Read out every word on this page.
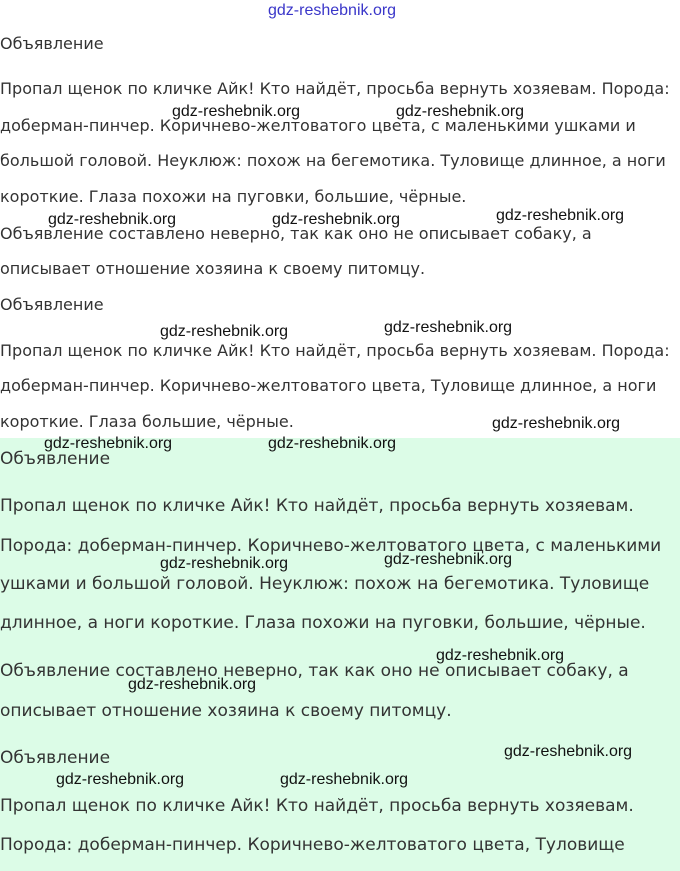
gdz-reshebnik.org
Объявление
Пропал щенок по кличке Айк! Кто найдёт, просьба вернуть хозяевам. Порода:
доберман-пинчер. Коричнево-желтоватого цвета, с маленькими ушками и
большой головой. Неуклюж: похож на бегемотика. Туловище длинное, а ноги
короткие. Глаза похожи на пуговки, большие, чёрные.
Объявление составлено неверно, так как оно не описывает собаку, а
описывает отношение хозяина к своему питомцу.
Объявление
Пропал щенок по кличке Айк! Кто найдёт, просьба вернуть хозяевам. Порода:
доберман-пинчер. Коричнево-желтоватого цвета, Туловище длинное, а ноги
короткие. Глаза большие, чёрные.
Объявление
Пропал щенок по кличке Айк! Кто найдёт, просьба вернуть хозяевам.
Порода: доберман-пинчер. Коричнево-желтоватого цвета, с маленькими
ушками и большой головой. Неуклюж: похож на бегемотика. Туловище
длинное, а ноги короткие. Глаза похожи на пуговки, большие, чёрные.
Объявление составлено неверно, так как оно не описывает собаку, а
описывает отношение хозяина к своему питомцу.
Объявление
Пропал щенок по кличке Айк! Кто найдёт, просьба вернуть хозяевам.
Порода: доберман-пинчер. Коричнево-желтоватого цвета, Туловище
gdz-reshebnik.org	gdz-reshebnik.org
gdz-reshebnik.org	gdz-reshebnik.org	gdz-reshebnik.org
gdz-reshebnik.org	gdz-reshebnik.org
gdz-reshebnik.org
gdz-reshebnik.org	gdz-reshebnik.org
gdz-reshebnik.org	gdz-reshebnik.org
gdz-reshebnik.org
gdz-reshebnik.org
gdz-reshebnik.org
gdz-reshebnik.org	gdz-reshebnik.org
